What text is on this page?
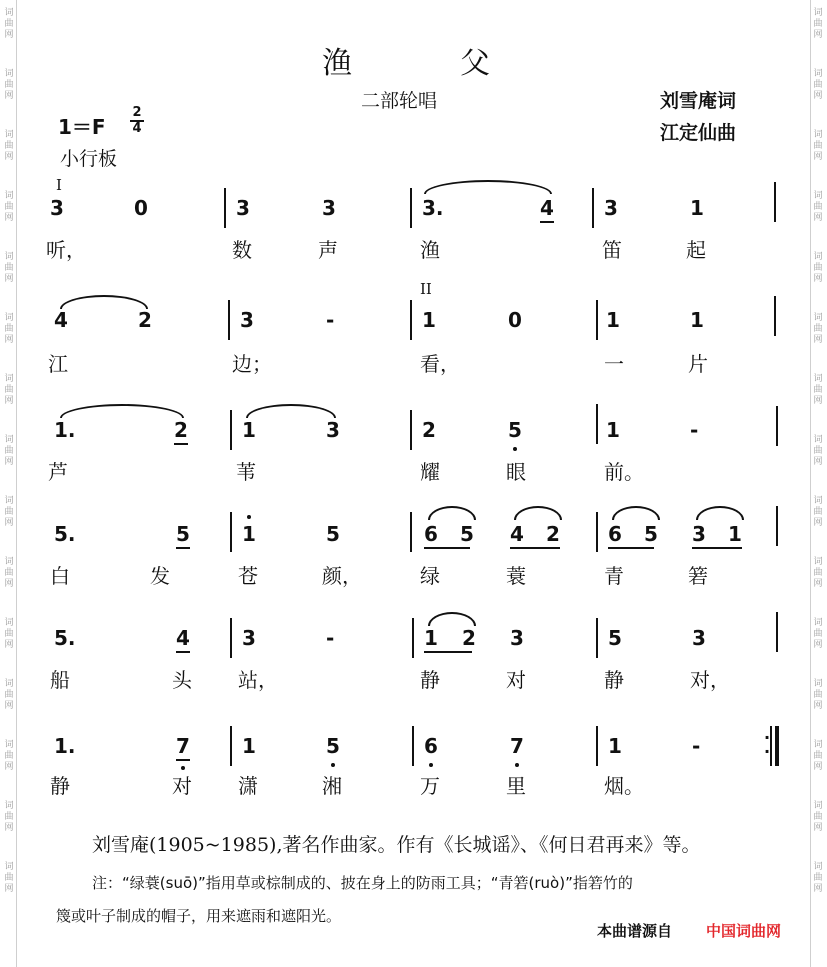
词曲网
词曲网
词曲网
词曲网
词曲网
词曲网
词曲网
词曲网
词曲网
词曲网
词曲网
词曲网
词曲网
词曲网
词曲网
词曲网
词曲网
词曲网
词曲网
词曲网
词曲网
词曲网
词曲网
词曲网
词曲网
词曲网
词曲网
词曲网
词曲网
词曲网
渔父
二部轮唱	刘雪庵词
江定仙曲
1＝F
2
4
小行板
I
3	0	3	3	3.	4	3	1
听，	数	声	渔	笛	起
4	2	3	-
II
1	0	1	1
江	边；	看，	一	片
1.	2	1	3	2	5	1	-
芦	苇	耀	眼	前。
5.	5	1	5	6 5 4 2 6 5 3 1
白	发	苍	颜，	绿	蓑	青	箬
5.	4	3	-	1 2 3	5	3
船	头 站，	静	对	静	对，
1.	7	1	5	6	7	1	-	·
·
静	对 潇	湘	万	里	烟。
刘雪庵(1905~1985),著名作曲家。作有《长城谣》、《何日君再来》等。
注：“绿蓑(suō)”指用草或棕制成的、披在身上的防雨工具；“青箬(ruò)”指箬竹的
篾或叶子制成的帽子，用来遮雨和遮阳光。
本曲谱源自 中国词曲网
